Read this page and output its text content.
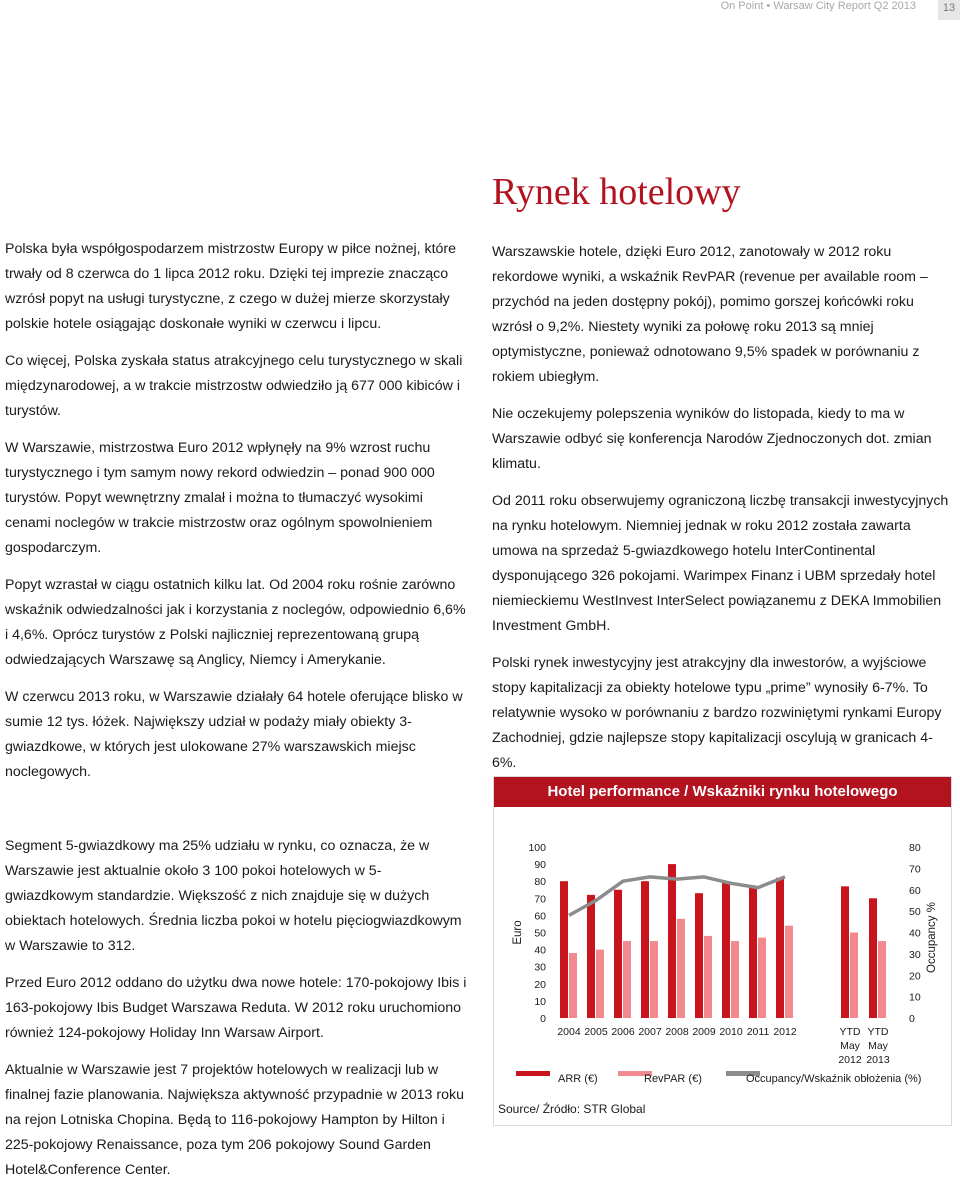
On Point • Warsaw City Report Q2 2013	13
Rynek hotelowy

Polska była współgospodarzem mistrzostw Europy w piłce nożnej, które trwały od 8 czerwca do 1 lipca 2012 roku. Dzięki tej imprezie znacząco wzrósł popyt na usługi turystyczne, z czego w dużej mierze skorzystały polskie hotele osiągając doskonałe wyniki w czerwcu i lipcu.

Co więcej, Polska zyskała status atrakcyjnego celu turystycznego w skali międzynarodowej, a w trakcie mistrzostw odwiedziło ją 677 000 kibiców i turystów.

W Warszawie, mistrzostwa Euro 2012 wpłynęły na 9% wzrost ruchu turystycznego i tym samym nowy rekord odwiedzin – ponad 900 000 turystów. Popyt wewnętrzny zmalał i można to tłumaczyć wysokimi cenami noclegów w trakcie mistrzostw oraz ogólnym spowolnieniem gospodarczym.

Popyt wzrastał w ciągu ostatnich kilku lat. Od 2004 roku rośnie zarówno wskaźnik odwiedzalności jak i korzystania z noclegów, odpowiednio 6,6% i 4,6%. Oprócz turystów z Polski najliczniej reprezentowaną grupą odwiedzających Warszawę są Anglicy, Niemcy i Amerykanie.

W czerwcu 2013 roku, w Warszawie działały 64 hotele oferujące blisko w sumie 12 tys. łóżek. Największy udział w podaży miały obiekty 3-gwiazdkowe, w których jest ulokowane 27% warszawskich miejsc noclegowych.

Segment 5-gwiazdkowy ma 25% udziału w rynku, co oznacza, że w Warszawie jest aktualnie około 3 100 pokoi hotelowych w 5-gwiazdkowym standardzie. Większość z nich znajduje się w dużych obiektach hotelowych. Średnia liczba pokoi w hotelu pięciogwiazdkowym w Warszawie to 312.

Przed Euro 2012 oddano do użytku dwa nowe hotele: 170-pokojowy Ibis i 163-pokojowy Ibis Budget Warszawa Reduta. W 2012 roku uruchomiono również 124-pokojowy Holiday Inn Warsaw Airport.

Aktualnie w Warszawie jest 7 projektów hotelowych w realizacji lub w finalnej fazie planowania. Największa aktywność przypadnie w 2013 roku na rejon Lotniska Chopina. Będą to 116-pokojowy Hampton by Hilton i 225-pokojowy Renaissance, poza tym 206 pokojowy Sound Garden Hotel&Conference Center.

Warszawskie hotele, dzięki Euro 2012, zanotowały w 2012 roku rekordowe wyniki, a wskaźnik RevPAR (revenue per available room – przychód na jeden dostępny pokój), pomimo gorszej końcówki roku wzrósł o 9,2%. Niestety wyniki za połowę roku 2013 są mniej optymistyczne, ponieważ odnotowano 9,5% spadek w porównaniu z rokiem ubiegłym.

Nie oczekujemy polepszenia wyników do listopada, kiedy to ma w Warszawie odbyć się konferencja Narodów Zjednoczonych dot. zmian klimatu.

Od 2011 roku obserwujemy ograniczoną liczbę transakcji inwestycyjnych na rynku hotelowym. Niemniej jednak w roku 2012 została zawarta umowa na sprzedaż 5-gwiazdkowego hotelu InterContinental dysponującego 326 pokojami. Warimpex Finanz i UBM sprzedały hotel niemieckiemu WestInvest InterSelect powiązanemu z DEKA Immobilien Investment GmbH.

Polski rynek inwestycyjny jest atrakcyjny dla inwestorów, a wyjściowe stopy kapitalizacji za obiekty hotelowe typu „prime” wynosiły 6-7%. To relatywnie wysoko w porównaniu z bardzo rozwiniętymi rynkami Europy Zachodniej, gdzie najlepsze stopy kapitalizacji oscylują w granicach 4-6%.

Hotel performance / Wskaźniki rynku hotelowego
0
10
20
30
40
50
60
70
80
90
100
0
10
20
30
40
50
60
70
80
Euro	Occupancy %
2004 2005 2006 2007 2008 2009 2010 2011 2012	YTD
May
2012
YTD
May
2013
ARR (€)	RevPAR (€)	Occupancy/Wskaźnik obłożenia (%)
Source/ Źródło: STR Global
